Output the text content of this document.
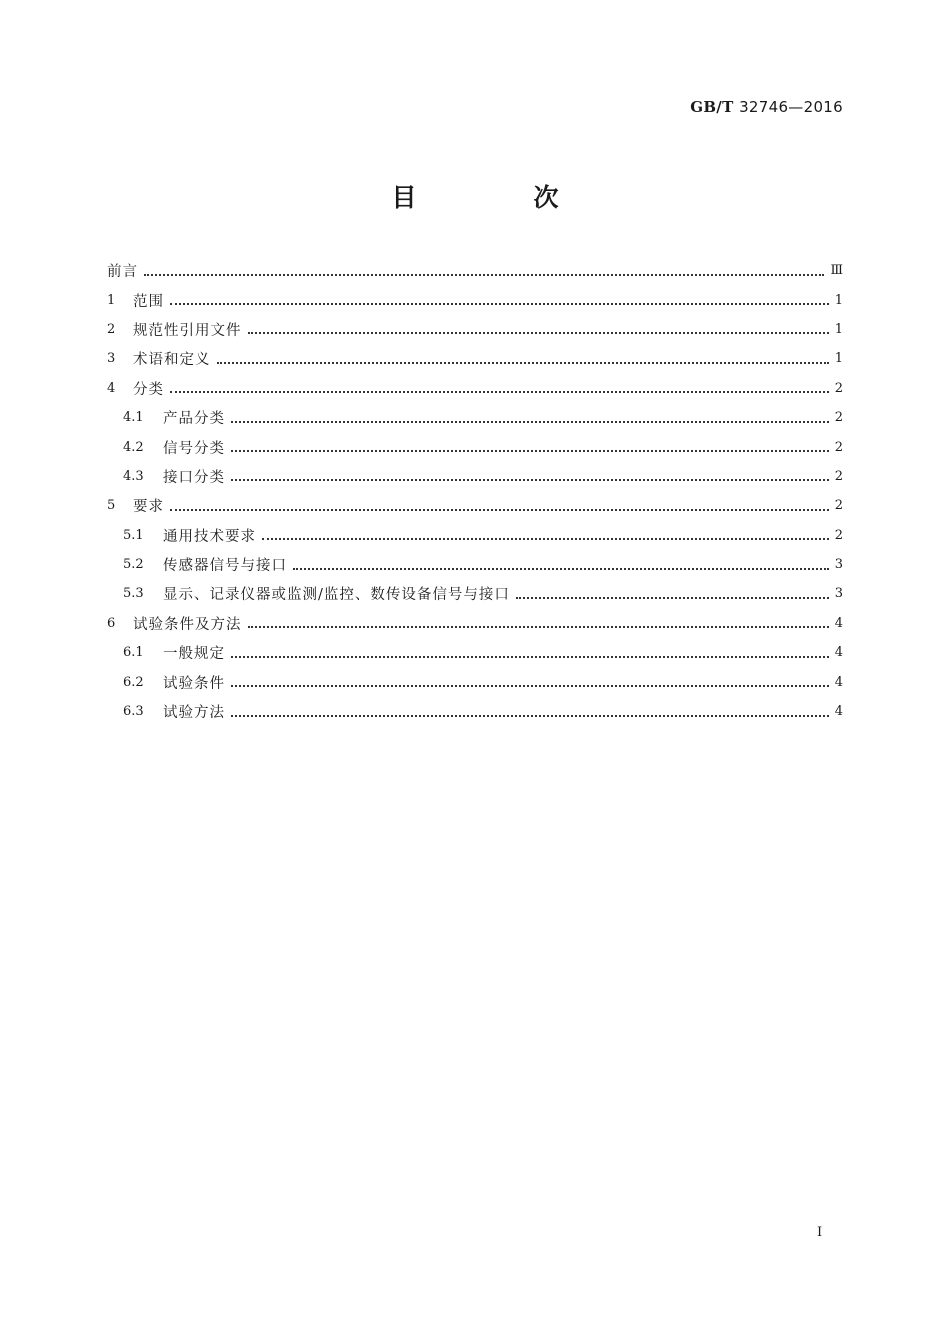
GB/T 32746—2016
目　次
前言	Ⅲ
1	范围	1
2	规范性引用文件	1
3	术语和定义	1
4	分类	2
4.1	产品分类	2
4.2	信号分类	2
4.3	接口分类	2
5	要求	2
5.1	通用技术要求	2
5.2	传感器信号与接口	3
5.3	显示、记录仪器或监测/监控、数传设备信号与接口	3
6	试验条件及方法	4
6.1	一般规定	4
6.2	试验条件	4
6.3	试验方法	4
Ⅰ
